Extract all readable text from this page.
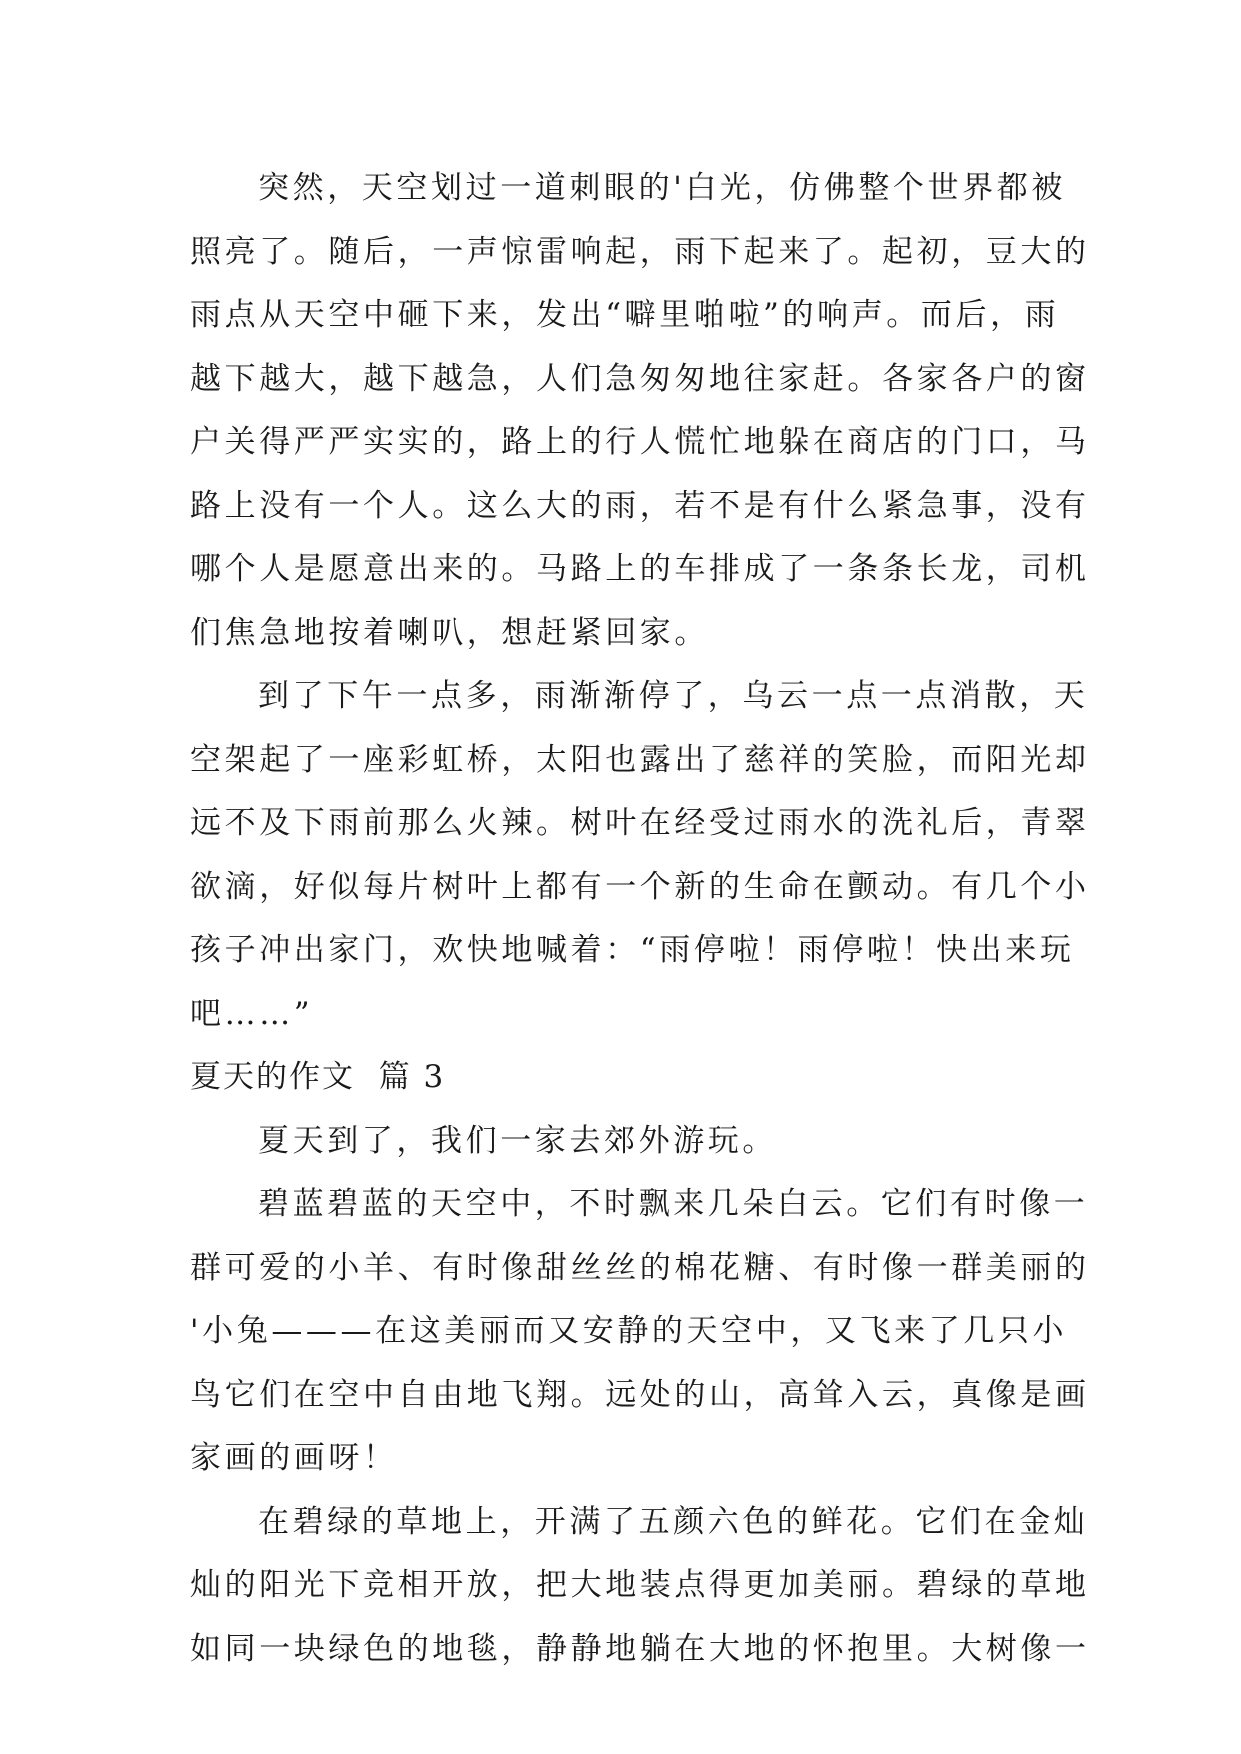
突然，天空划过一道刺眼的'白光，仿佛整个世界都被
照亮了。随后，一声惊雷响起，雨下起来了。起初，豆大的
雨点从天空中砸下来，发出“噼里啪啦”的响声。而后，雨
越下越大，越下越急，人们急匆匆地往家赶。各家各户的窗
户关得严严实实的，路上的行人慌忙地躲在商店的门口，马
路上没有一个人。这么大的雨，若不是有什么紧急事，没有
哪个人是愿意出来的。马路上的车排成了一条条长龙，司机
们焦急地按着喇叭，想赶紧回家。
到了下午一点多，雨渐渐停了，乌云一点一点消散，天
空架起了一座彩虹桥，太阳也露出了慈祥的笑脸，而阳光却
远不及下雨前那么火辣。树叶在经受过雨水的洗礼后，青翠
欲滴，好似每片树叶上都有一个新的生命在颤动。有几个小
孩子冲出家门，欢快地喊着：“雨停啦！雨停啦！快出来玩
吧……”
夏天的作文  篇 3
夏天到了，我们一家去郊外游玩。
碧蓝碧蓝的天空中，不时飘来几朵白云。它们有时像一
群可爱的小羊、有时像甜丝丝的棉花糖、有时像一群美丽的
'小兔———在这美丽而又安静的天空中，又飞来了几只小
鸟它们在空中自由地飞翔。远处的山，高耸入云，真像是画
家画的画呀！
在碧绿的草地上，开满了五颜六色的鲜花。它们在金灿
灿的阳光下竞相开放，把大地装点得更加美丽。碧绿的草地
如同一块绿色的地毯，静静地躺在大地的怀抱里。大树像一
